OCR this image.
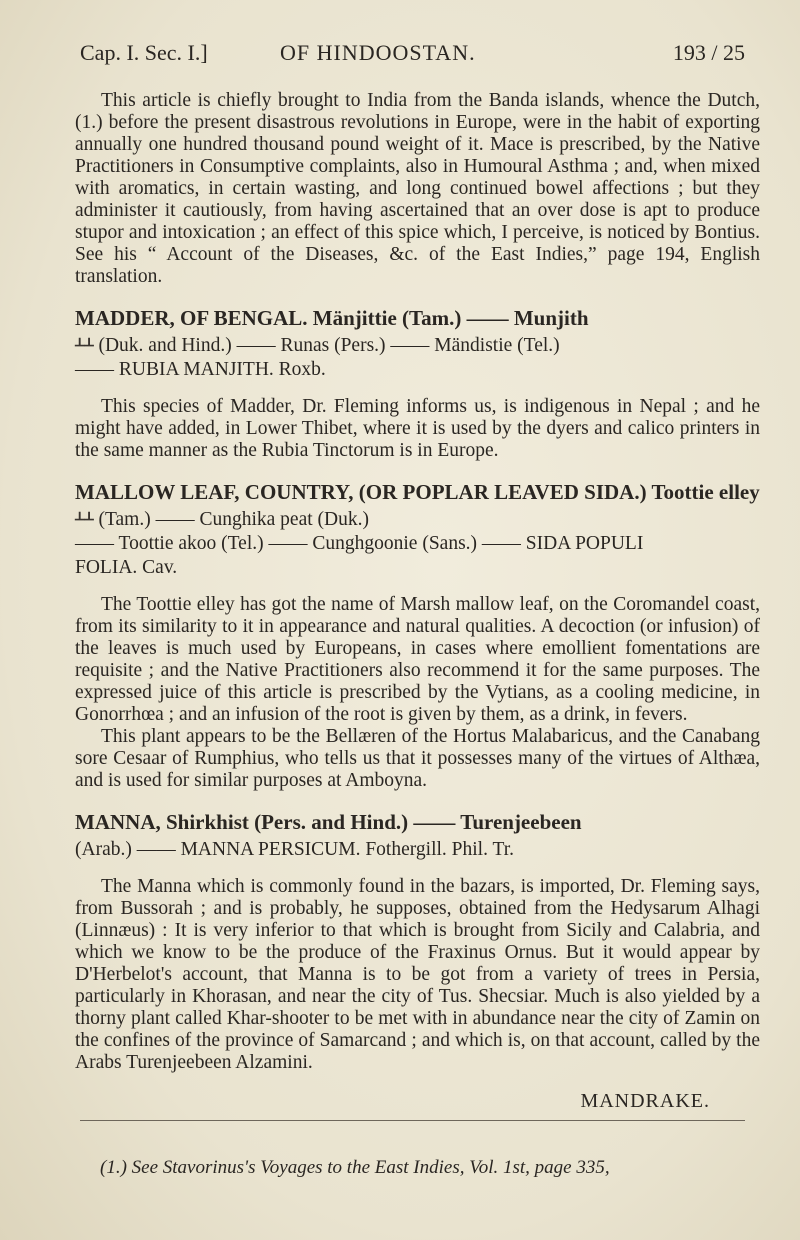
Cap. I. Sec. I.]	OF HINDOOSTAN.	193 / 25

This article is chiefly brought to India from the Banda islands, whence the Dutch, (1.) before the present disastrous revolutions in Europe, were in the habit of exporting annually one hundred thousand pound weight of it. Mace is prescribed, by the Native Practitioners in Consumptive complaints, also in Humoural Asthma ; and, when mixed with aromatics, in certain wasting, and long continued bowel affections ; but they administer it cautiously, from having ascertained that an over dose is apt to produce stupor and intoxication ; an effect of this spice which, I perceive, is noticed by Bontius. See his “ Account of the Diseases, &c. of the East Indies,” page 194, English translation.

MADDER, OF BENGAL. Mänjittie (Tam.) —— Munjith

ᚆᚆ (Duk. and Hind.) —— Runas (Pers.) —— Mändistie (Tel.)

—— RUBIA MANJITH. Roxb.

This species of Madder, Dr. Fleming informs us, is indigenous in Nepal ; and he might have added, in Lower Thibet, where it is used by the dyers and calico printers in the same manner as the Rubia Tinctorum is in Europe.

MALLOW LEAF, COUNTRY, (OR POPLAR LEAVED SIDA.) Toottie elley

ᚆᚆ (Tam.) —— Cunghika peat (Duk.)

—— Toottie akoo (Tel.) —— Cunghgoonie (Sans.) —— SIDA POPULI

FOLIA. Cav.

The Toottie elley has got the name of Marsh mallow leaf, on the Coromandel coast, from its similarity to it in appearance and natural qualities. A decoction (or infusion) of the leaves is much used by Europeans, in cases where emollient fomentations are requisite ; and the Native Practitioners also recommend it for the same purposes. The expressed juice of this article is prescribed by the Vytians, as a cooling medicine, in Gonorrhœa ; and an infusion of the root is given by them, as a drink, in fevers.

This plant appears to be the Bellæren of the Hortus Malabaricus, and the Canabang sore Cesaar of Rumphius, who tells us that it possesses many of the virtues of Althæa, and is used for similar purposes at Amboyna.

MANNA, Shirkhist (Pers. and Hind.) —— Turenjeebeen

(Arab.) —— MANNA PERSICUM. Fothergill. Phil. Tr.

The Manna which is commonly found in the bazars, is imported, Dr. Fleming says, from Bussorah ; and is probably, he supposes, obtained from the Hedysarum Alhagi (Linnæus) : It is very inferior to that which is brought from Sicily and Calabria, and which we know to be the produce of the Fraxinus Ornus. But it would appear by D'Herbelot's account, that Manna is to be got from a variety of trees in Persia, particularly in Khorasan, and near the city of Tus. Shecsiar. Much is also yielded by a thorny plant called Khar-shooter to be met with in abundance near the city of Zamin on the confines of the province of Samarcand ; and which is, on that account, called by the Arabs Turenjeebeen Alzamini.

MANDRAKE.

(1.) See Stavorinus's Voyages to the East Indies, Vol. 1st, page 335,
